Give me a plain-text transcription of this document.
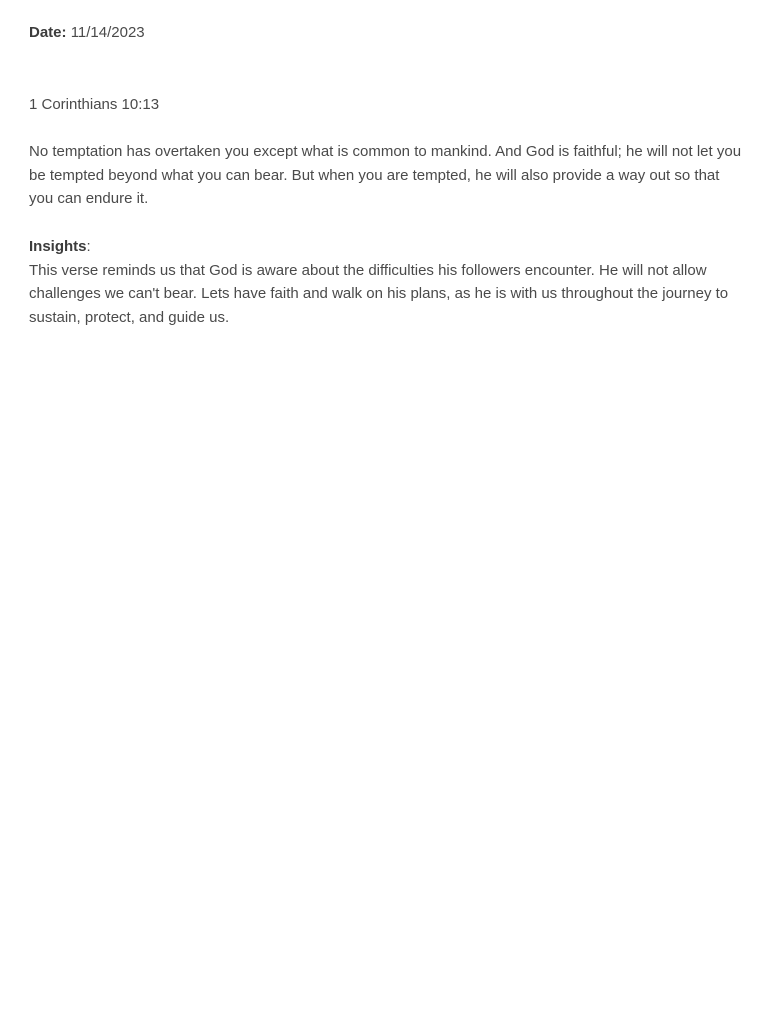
Date: 11/14/2023

1 Corinthians 10:13

No temptation has overtaken you except what is common to mankind. And God is faithful; he will not let you be tempted beyond what you can bear. But when you are tempted, he will also provide a way out so that you can endure it.

Insights:

This verse reminds us that God is aware about the difficulties his followers encounter. He will not allow challenges we can't bear. Lets have faith and walk on his plans, as he is with us throughout the journey to sustain, protect, and guide us.
